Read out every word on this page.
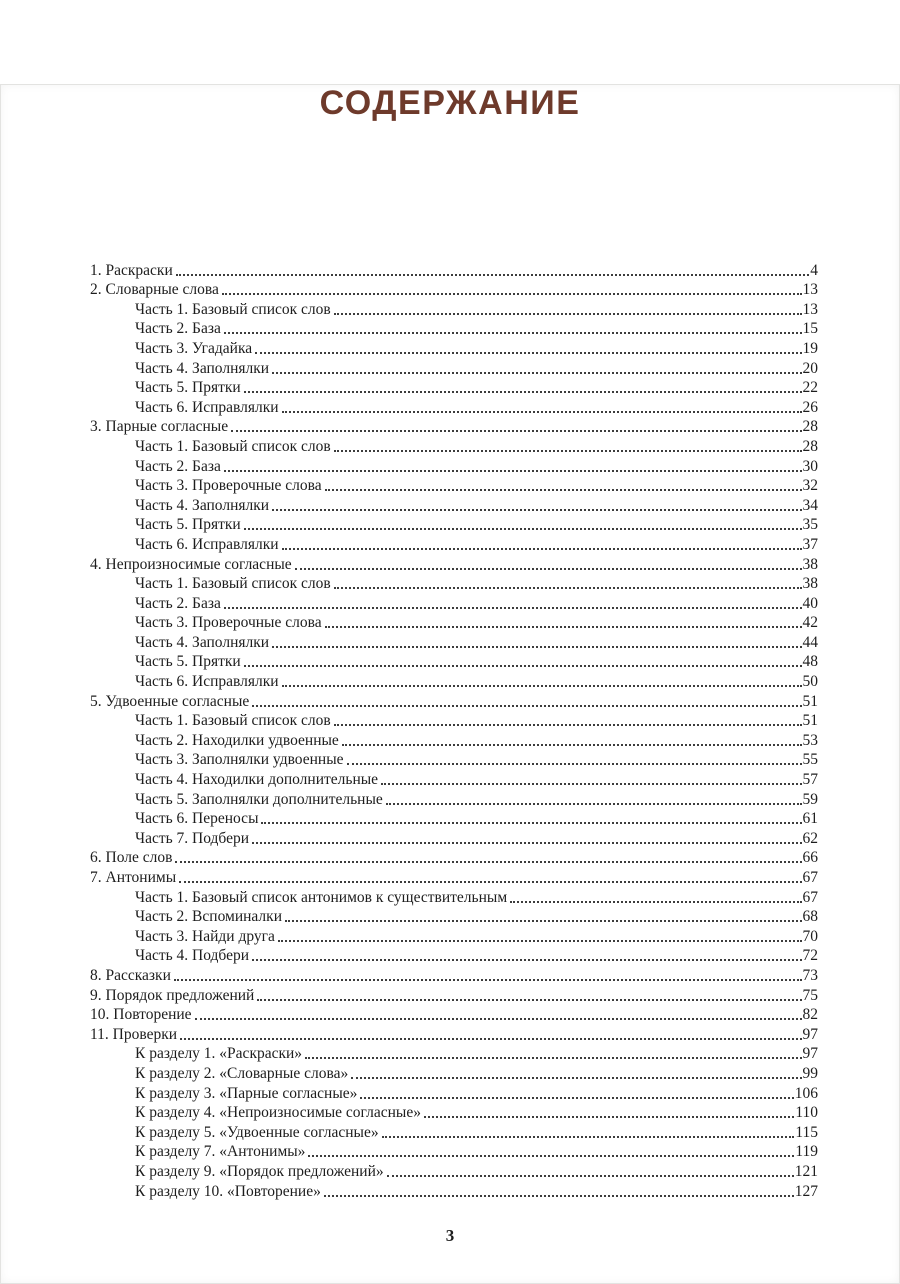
СОДЕРЖАНИЕ
1. Раскраски	4
2. Словарные слова	13
Часть 1. Базовый список слов	13
Часть 2. База	15
Часть 3. Угадайка	19
Часть 4. Заполнялки	20
Часть 5. Прятки	22
Часть 6. Исправлялки	26
3. Парные согласные	28
Часть 1. Базовый список слов	28
Часть 2. База	30
Часть 3. Проверочные слова	32
Часть 4. Заполнялки	34
Часть 5. Прятки	35
Часть 6. Исправлялки	37
4. Непроизносимые согласные	38
Часть 1. Базовый список слов	38
Часть 2. База	40
Часть 3. Проверочные слова	42
Часть 4. Заполнялки	44
Часть 5. Прятки	48
Часть 6. Исправлялки	50
5. Удвоенные согласные	51
Часть 1. Базовый список слов	51
Часть 2. Находилки удвоенные	53
Часть 3. Заполнялки удвоенные	55
Часть 4. Находилки дополнительные	57
Часть 5. Заполнялки дополнительные	59
Часть 6. Переносы	61
Часть 7. Подбери	62
6. Поле слов	66
7. Антонимы	67
Часть 1. Базовый список антонимов к существительным	67
Часть 2. Вспоминалки	68
Часть 3. Найди друга	70
Часть 4. Подбери	72
8. Рассказки	73
9. Порядок предложений	75
10. Повторение	82
11. Проверки	97
К разделу 1. «Раскраски»	97
К разделу 2. «Словарные слова»	99
К разделу 3. «Парные согласные»	106
К разделу 4. «Непроизносимые согласные»	110
К разделу 5. «Удвоенные согласные»	115
К разделу 7. «Антонимы»	119
К разделу 9. «Порядок предложений»	121
К разделу 10. «Повторение»	127
3
